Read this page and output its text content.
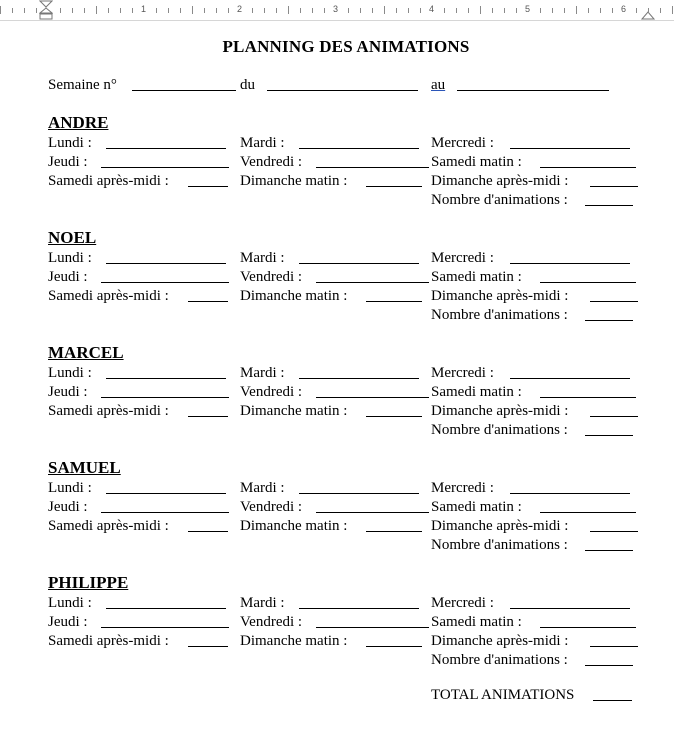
1	2	3	4	5	6
PLANNING DES ANIMATIONS
Semaine n°	du	au
ANDRE
Lundi :	Mardi :	Mercredi :
Jeudi :	Vendredi :	Samedi matin :
Samedi après-midi :	Dimanche matin :	Dimanche après-midi :
Nombre d'animations :
NOEL
Lundi :	Mardi :	Mercredi :
Jeudi :	Vendredi :	Samedi matin :
Samedi après-midi :	Dimanche matin :	Dimanche après-midi :
Nombre d'animations :
MARCEL
Lundi :	Mardi :	Mercredi :
Jeudi :	Vendredi :	Samedi matin :
Samedi après-midi :	Dimanche matin :	Dimanche après-midi :
Nombre d'animations :
SAMUEL
Lundi :	Mardi :	Mercredi :
Jeudi :	Vendredi :	Samedi matin :
Samedi après-midi :	Dimanche matin :	Dimanche après-midi :
Nombre d'animations :
PHILIPPE
Lundi :	Mardi :	Mercredi :
Jeudi :	Vendredi :	Samedi matin :
Samedi après-midi :	Dimanche matin :	Dimanche après-midi :
Nombre d'animations :
TOTAL ANIMATIONS
